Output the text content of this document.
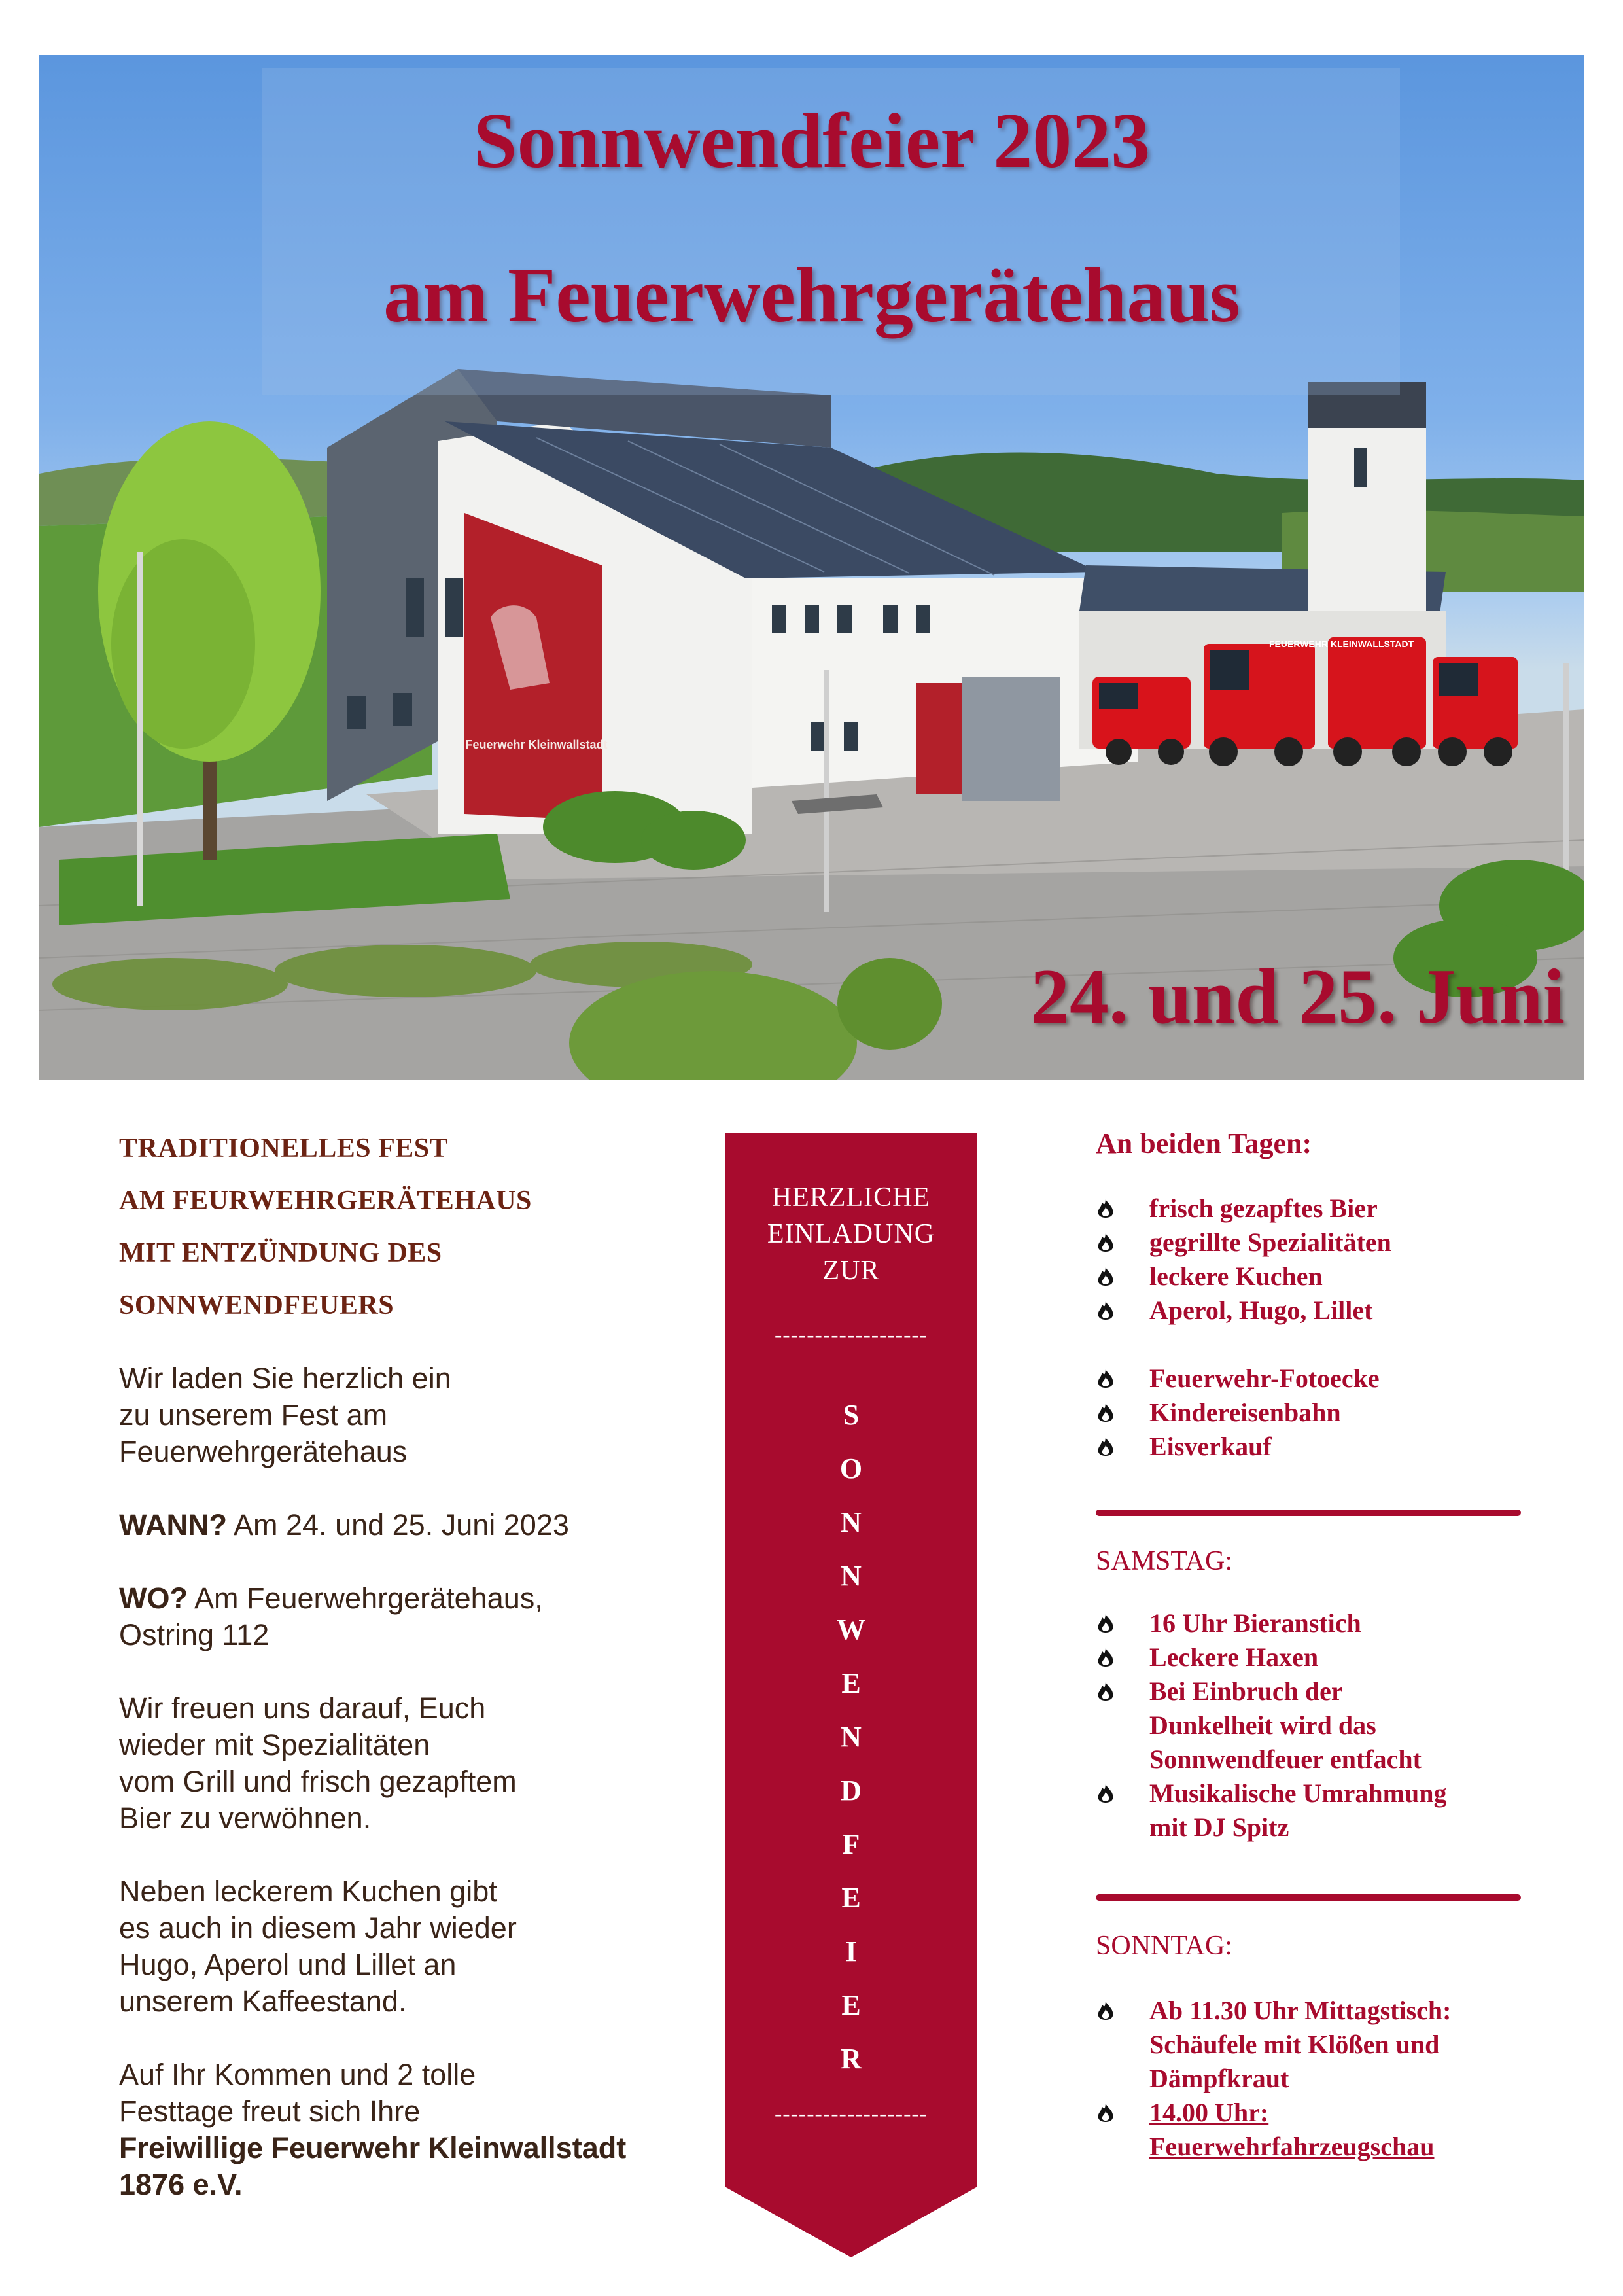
Feuerwehr Kleinwallstadt
FEUERWEHR KLEINWALLSTADT
Sonnwendfeier 2023
am Feuerwehrgerätehaus
24. und 25. Juni
TRADITIONELLES FEST
AM FEURWEHRGERÄTEHAUS
MIT ENTZÜNDUNG DES
SONNWENDFEUERS

Wir laden Sie herzlich ein

zu unserem Fest am

Feuerwehrgerätehaus

WANN? Am 24. und 25. Juni 2023

WO? Am Feuerwehrgerätehaus,

Ostring 112

Wir freuen uns darauf, Euch

wieder mit Spezialitäten

vom Grill und frisch gezapftem

Bier zu verwöhnen.

Neben leckerem Kuchen gibt

es auch in diesem Jahr wieder

Hugo, Aperol und Lillet an

unserem Kaffeestand.

Auf Ihr Kommen und 2 tolle

Festtage freut sich Ihre

Freiwillige Feuerwehr Kleinwallstadt

1876 e.V.

HERZLICHE
EINLADUNG
ZUR
-------------------
S
O
N
N
W
E
N
D
F
E
I
E
R
-------------------
An beiden Tagen:
frisch gezapftes Bier
gegrillte Spezialitäten
leckere Kuchen
Aperol, Hugo, Lillet
Feuerwehr-Fotoecke
Kindereisenbahn
Eisverkauf
SAMSTAG:
16 Uhr Bieranstich
Leckere Haxen
Bei Einbruch der
Dunkelheit wird das
Sonnwendfeuer entfacht
Musikalische Umrahmung
mit DJ Spitz
SONNTAG:
Ab 11.30 Uhr Mittagstisch:
Schäufele mit Klößen und
Dämpfkraut
14.00 Uhr:
Feuerwehrfahrzeugschau
